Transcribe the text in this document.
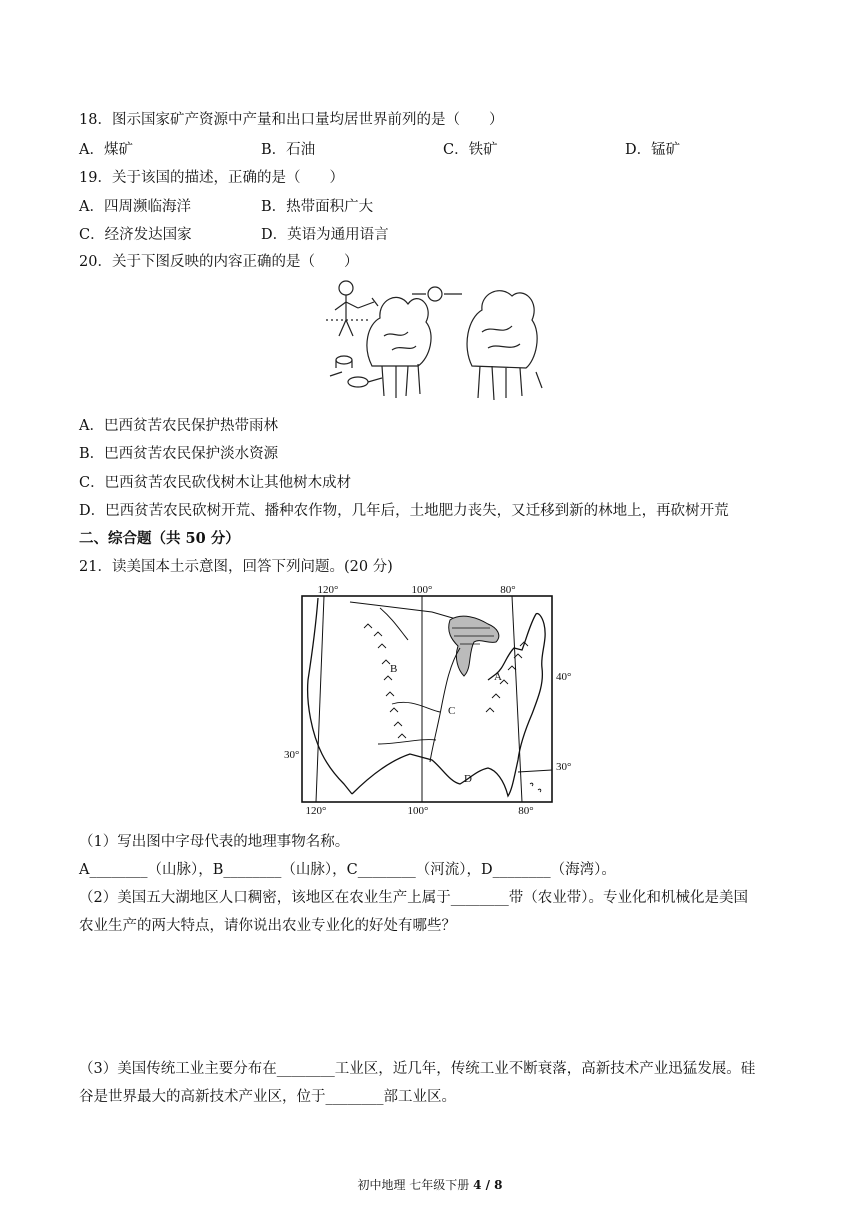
18．图示国家矿产资源中产量和出口量均居世界前列的是（　　）
A．煤矿	B．石油	C．铁矿	D．锰矿
19．关于该国的描述，正确的是（　　）
A．四周濒临海洋	B．热带面积广大
C．经济发达国家	D．英语为通用语言
20．关于下图反映的内容正确的是（　　）
A．巴西贫苦农民保护热带雨林
B．巴西贫苦农民保护淡水资源
C．巴西贫苦农民砍伐树木让其他树木成材
D．巴西贫苦农民砍树开荒、播种农作物，几年后，土地肥力丧失，又迁移到新的林地上，再砍树开荒
二、综合题（共 50 分）
21．读美国本土示意图，回答下列问题。(20 分)
120°	100°	80°
120°	100°	80°
40°
30°
30°
A
B
C
D
（1）写出图中字母代表的地理事物名称。
A________（山脉），B________（山脉），C________（河流），D________（海湾）。
（2）美国五大湖地区人口稠密，该地区在农业生产上属于________带（农业带）。专业化和机械化是美国
农业生产的两大特点，请你说出农业专业化的好处有哪些？
（3）美国传统工业主要分布在________工业区，近几年，传统工业不断衰落，高新技术产业迅猛发展。硅
谷是世界最大的高新技术产业区，位于________部工业区。
初中地理 七年级下册 4 / 8
